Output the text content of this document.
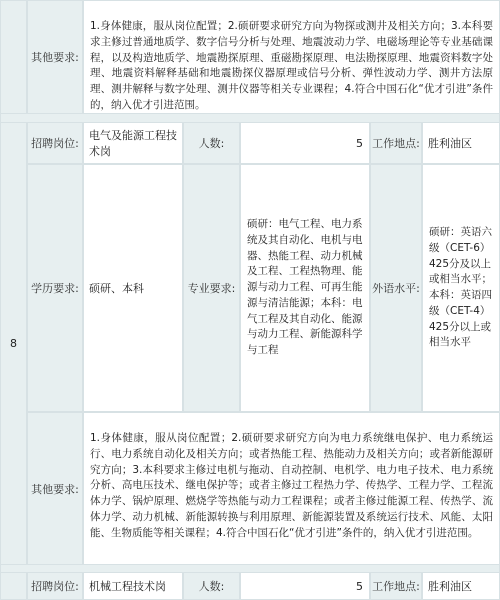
其他要求:
1.身体健康，服从岗位配置；2.硕研要求研究方向为物探或测井及相关方向；3.本科要求主修过普通地质学、数字信号分析与处理、地震波动力学、电磁场理论等专业基础课程，以及构造地质学、地震勘探原理、重磁勘探原理、电法勘探原理、地震资料数字处理、地震资料解释基础和地震勘探仪器原理或信号分析、弹性波动力学、测井方法原理、测井解释与数字处理、测井仪器等相关专业课程；4.符合中国石化“优才引进”条件的，纳入优才引进范围。
8
招聘岗位:
电气及能源工程技术岗
人数:	5 工作地点: 胜利油区
学历要求: 硕研、本科	专业要求:
硕研：电气工程、电力系统及其自动化、电机与电器、热能工程、动力机械及工程、工程热物理、能源与动力工程、可再生能源与清洁能源；本科：电气工程及其自动化、能源与动力工程、新能源科学与工程
外语水平:
硕研：英语六级（CET-6）425分及以上或相当水平；本科：英语四级（CET-4）425分以上或相当水平
其他要求:
1.身体健康，服从岗位配置；2.硕研要求研究方向为电力系统继电保护、电力系统运行、电力系统自动化及相关方向；或者热能工程、热能动力及相关方向；或者新能源研究方向；3.本科要求主修过电机与拖动、自动控制、电机学、电力电子技术、电力系统分析、高电压技术、继电保护等；或者主修过工程热力学、传热学、工程力学、工程流体力学、锅炉原理、燃烧学等热能与动力工程课程；或者主修过能源工程、传热学、流体力学、动力机械、新能源转换与利用原理、新能源装置及系统运行技术、风能、太阳能、生物质能等相关课程；4.符合中国石化“优才引进”条件的，纳入优才引进范围。
招聘岗位: 机械工程技术岗	人数:	5 工作地点: 胜利油区
